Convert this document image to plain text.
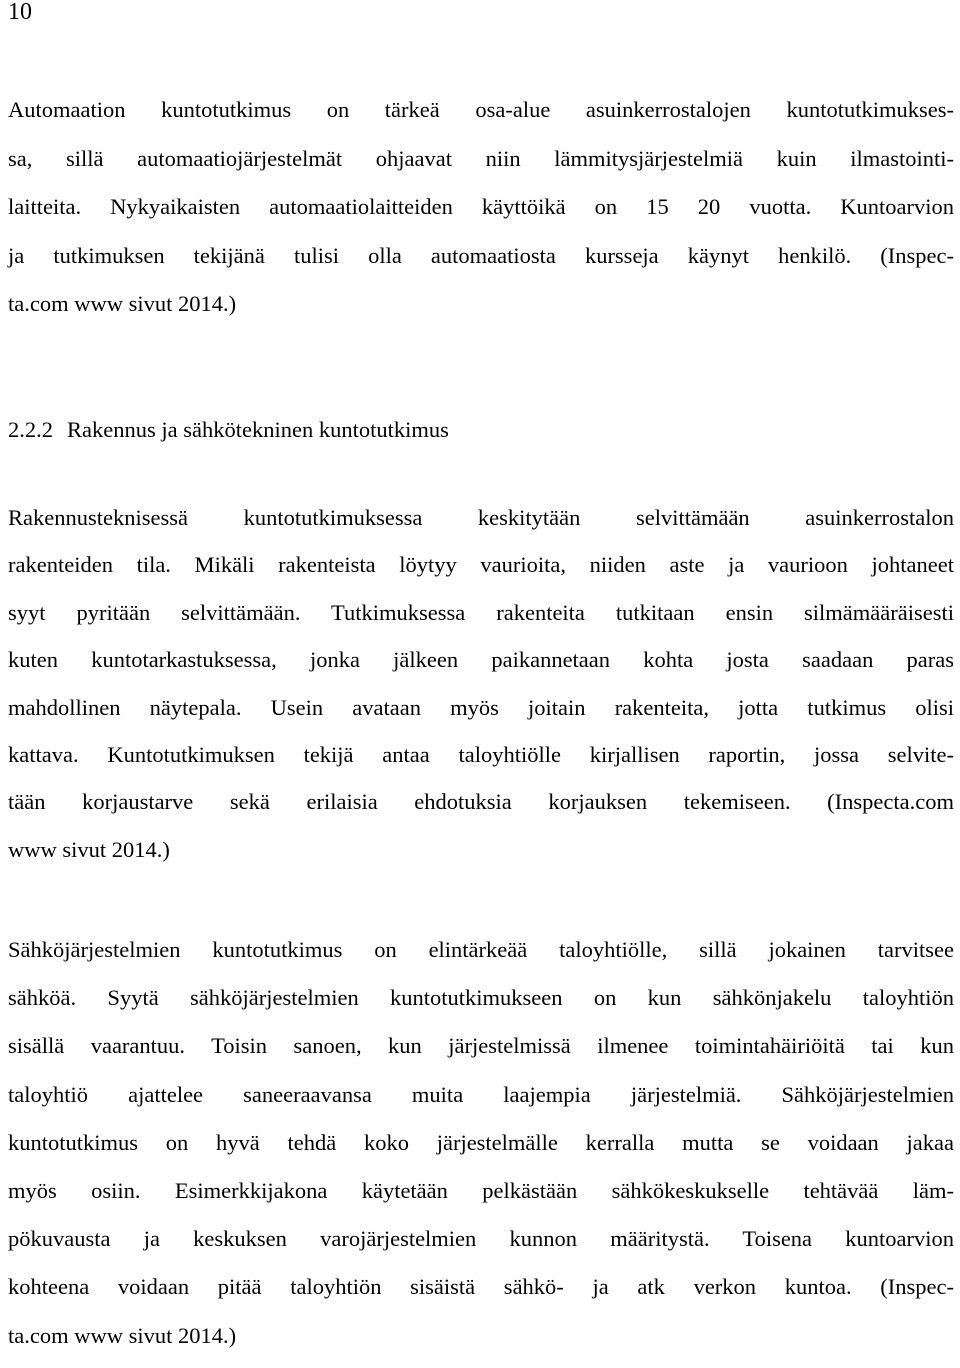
10
Automaation kuntotutkimus on tärkeä osa-alue asuinkerrostalojen kuntotutkimukses-
sa, sillä automaatiojärjestelmät ohjaavat niin lämmitysjärjestelmiä kuin ilmastointi-
laitteita. Nykyaikaisten automaatiolaitteiden käyttöikä on 15 20 vuotta. Kuntoarvion
ja tutkimuksen tekijänä tulisi olla automaatiosta kursseja käynyt henkilö. (Inspec-
ta.com www sivut 2014.)
2.2.2 Rakennus ja sähkötekninen kuntotutkimus
Rakennusteknisessä kuntotutkimuksessa keskitytään selvittämään asuinkerrostalon
rakenteiden tila. Mikäli rakenteista löytyy vaurioita, niiden aste ja vaurioon johtaneet
syyt pyritään selvittämään. Tutkimuksessa rakenteita tutkitaan ensin silmämääräisesti
kuten kuntotarkastuksessa, jonka jälkeen paikannetaan kohta josta saadaan paras
mahdollinen näytepala. Usein avataan myös joitain rakenteita, jotta tutkimus olisi
kattava. Kuntotutkimuksen tekijä antaa taloyhtiölle kirjallisen raportin, jossa selvite-
tään korjaustarve sekä erilaisia ehdotuksia korjauksen tekemiseen. (Inspecta.com
www sivut 2014.)
Sähköjärjestelmien kuntotutkimus on elintärkeää taloyhtiölle, sillä jokainen tarvitsee
sähköä. Syytä sähköjärjestelmien kuntotutkimukseen on kun sähkönjakelu taloyhtiön
sisällä vaarantuu. Toisin sanoen, kun järjestelmissä ilmenee toimintahäiriöitä tai kun
taloyhtiö ajattelee saneeraavansa muita laajempia järjestelmiä. Sähköjärjestelmien
kuntotutkimus on hyvä tehdä koko järjestelmälle kerralla mutta se voidaan jakaa
myös osiin. Esimerkkijakona käytetään pelkästään sähkökeskukselle tehtävää läm-
pökuvausta ja keskuksen varojärjestelmien kunnon määritystä. Toisena kuntoarvion
kohteena voidaan pitää taloyhtiön sisäistä sähkö- ja atk verkon kuntoa. (Inspec-
ta.com www sivut 2014.)
